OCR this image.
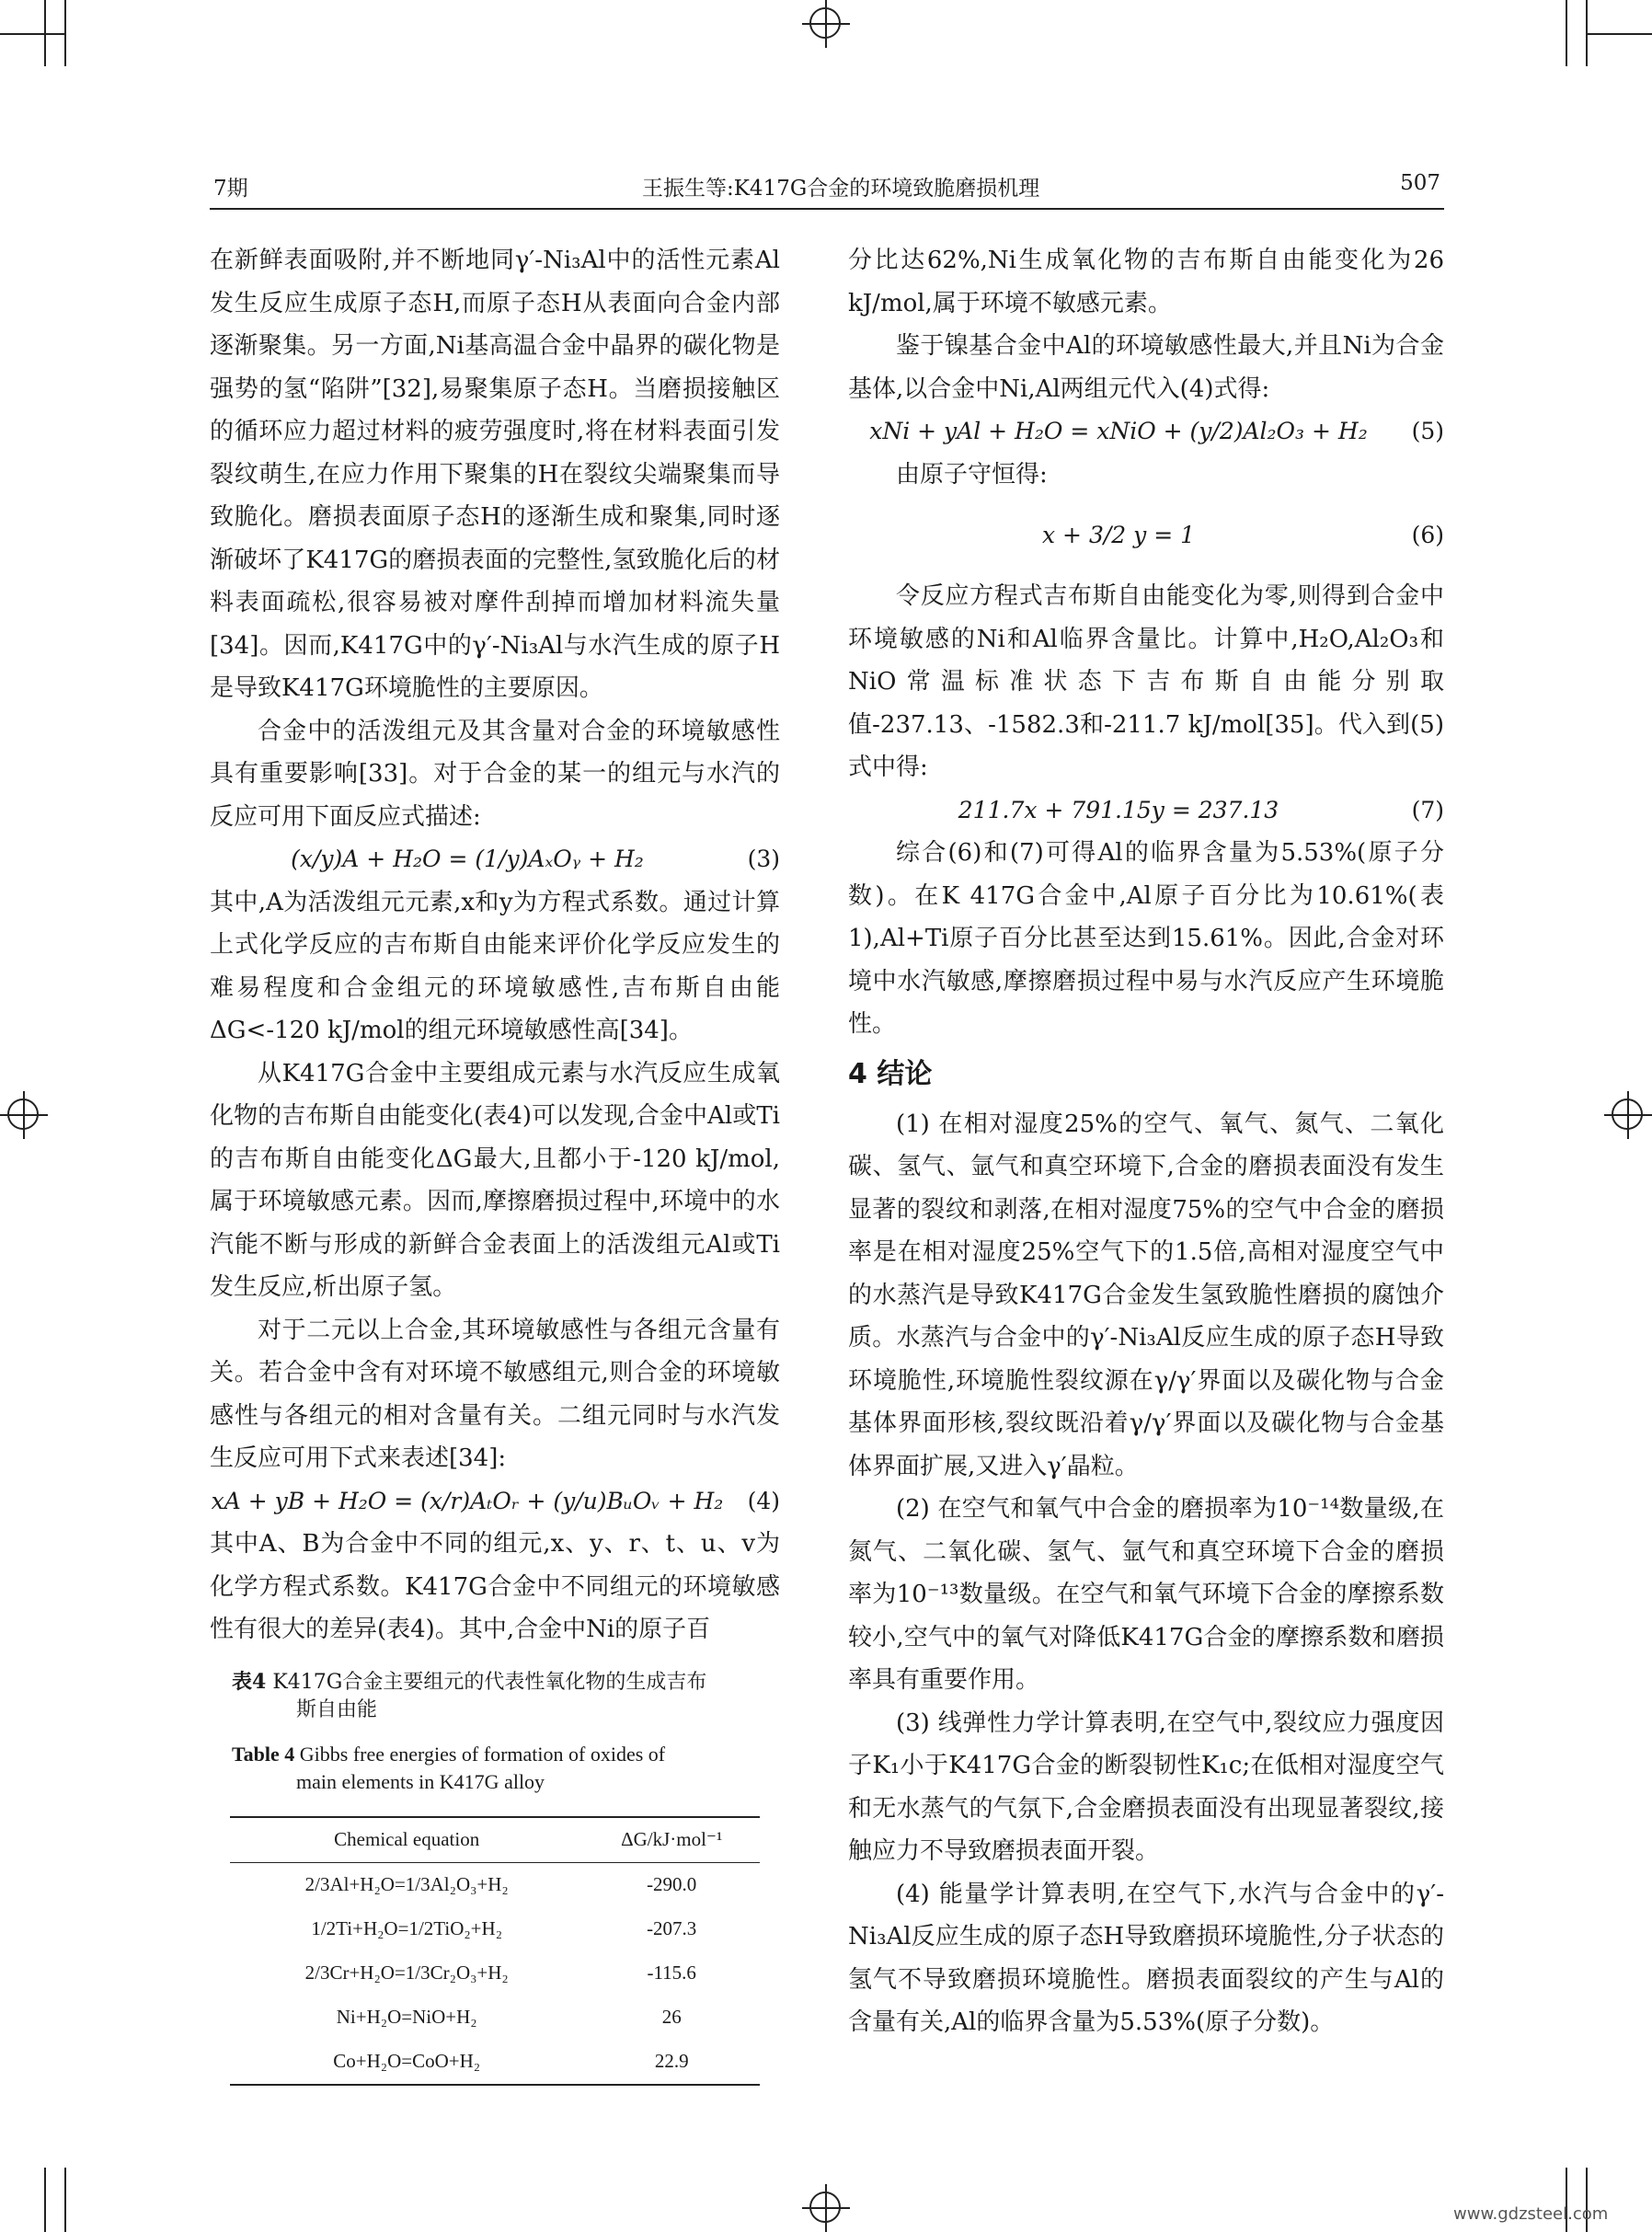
7期	王振生等:K417G合金的环境致脆磨损机理	507

在新鲜表面吸附,并不断地同γ′-Ni₃Al中的活性元素Al发生反应生成原子态H,而原子态H从表面向合金内部逐渐聚集。另一方面,Ni基高温合金中晶界的碳化物是强势的氢“陷阱”[32],易聚集原子态H。当磨损接触区的循环应力超过材料的疲劳强度时,将在材料表面引发裂纹萌生,在应力作用下聚集的H在裂纹尖端聚集而导致脆化。磨损表面原子态H的逐渐生成和聚集,同时逐渐破坏了K417G的磨损表面的完整性,氢致脆化后的材料表面疏松,很容易被对摩件刮掉而增加材料流失量[34]。因而,K417G中的γ′-Ni₃Al与水汽生成的原子H是导致K417G环境脆性的主要原因。

合金中的活泼组元及其含量对合金的环境敏感性具有重要影响[33]。对于合金的某一的组元与水汽的反应可用下面反应式描述:

(x/y)A + H₂O = (1/y)AₓOᵧ + H₂	(3)

其中,A为活泼组元元素,x和y为方程式系数。通过计算上式化学反应的吉布斯自由能来评价化学反应发生的难易程度和合金组元的环境敏感性,吉布斯自由能ΔG<-120 kJ/mol的组元环境敏感性高[34]。

从K417G合金中主要组成元素与水汽反应生成氧化物的吉布斯自由能变化(表4)可以发现,合金中Al或Ti的吉布斯自由能变化ΔG最大,且都小于-120 kJ/mol,属于环境敏感元素。因而,摩擦磨损过程中,环境中的水汽能不断与形成的新鲜合金表面上的活泼组元Al或Ti发生反应,析出原子氢。

对于二元以上合金,其环境敏感性与各组元含量有关。若合金中含有对环境不敏感组元,则合金的环境敏感性与各组元的相对含量有关。二组元同时与水汽发生反应可用下式来表述[34]:

xA + yB + H₂O = (x/r)AₜOᵣ + (y/u)BᵤOᵥ + H₂ (4)

其中A、B为合金中不同的组元,x、y、r、t、u、v为化学方程式系数。K417G合金中不同组元的环境敏感性有很大的差异(表4)。其中,合金中Ni的原子百

表4 K417G合金主要组元的代表性氧化物的生成吉布
斯自由能
Table 4 Gibbs free energies of formation of oxides of
main elements in K417G alloy
Chemical equation	ΔG/kJ·mol⁻¹
2/3Al+H₂O=1/3Al₂O₃+H₂	-290.0
1/2Ti+H₂O=1/2TiO₂+H₂	-207.3
2/3Cr+H₂O=1/3Cr₂O₃+H₂	-115.6
Ni+H₂O=NiO+H₂	26
Co+H₂O=CoO+H₂	22.9

分比达62%,Ni生成氧化物的吉布斯自由能变化为26 kJ/mol,属于环境不敏感元素。

鉴于镍基合金中Al的环境敏感性最大,并且Ni为合金基体,以合金中Ni,Al两组元代入(4)式得:

xNi + yAl + H₂O = xNiO + (y/2)Al₂O₃ + H₂	(5)

由原子守恒得:

x + 3/2 y = 1	(6)

令反应方程式吉布斯自由能变化为零,则得到合金中环境敏感的Ni和Al临界含量比。计算中,H₂O,Al₂O₃和NiO常温标准状态下吉布斯自由能分别取值-237.13、-1582.3和-211.7 kJ/mol[35]。代入到(5)式中得:

211.7x + 791.15y = 237.13	(7)

综合(6)和(7)可得Al的临界含量为5.53%(原子分数)。在K 417G合金中,Al原子百分比为10.61%(表1),Al+Ti原子百分比甚至达到15.61%。因此,合金对环境中水汽敏感,摩擦磨损过程中易与水汽反应产生环境脆性。

4 结论

(1) 在相对湿度25%的空气、氧气、氮气、二氧化碳、氢气、氩气和真空环境下,合金的磨损表面没有发生显著的裂纹和剥落,在相对湿度75%的空气中合金的磨损率是在相对湿度25%空气下的1.5倍,高相对湿度空气中的水蒸汽是导致K417G合金发生氢致脆性磨损的腐蚀介质。水蒸汽与合金中的γ′-Ni₃Al反应生成的原子态H导致环境脆性,环境脆性裂纹源在γ/γ′界面以及碳化物与合金基体界面形核,裂纹既沿着γ/γ′界面以及碳化物与合金基体界面扩展,又进入γ′晶粒。

(2) 在空气和氧气中合金的磨损率为10⁻¹⁴数量级,在氮气、二氧化碳、氢气、氩气和真空环境下合金的磨损率为10⁻¹³数量级。在空气和氧气环境下合金的摩擦系数较小,空气中的氧气对降低K417G合金的摩擦系数和磨损率具有重要作用。

(3) 线弹性力学计算表明,在空气中,裂纹应力强度因子K₁小于K417G合金的断裂韧性K₁c;在低相对湿度空气和无水蒸气的气氛下,合金磨损表面没有出现显著裂纹,接触应力不导致磨损表面开裂。

(4) 能量学计算表明,在空气下,水汽与合金中的γ′-Ni₃Al反应生成的原子态H导致磨损环境脆性,分子状态的氢气不导致磨损环境脆性。磨损表面裂纹的产生与Al的含量有关,Al的临界含量为5.53%(原子分数)。

www.gdzsteel.com
